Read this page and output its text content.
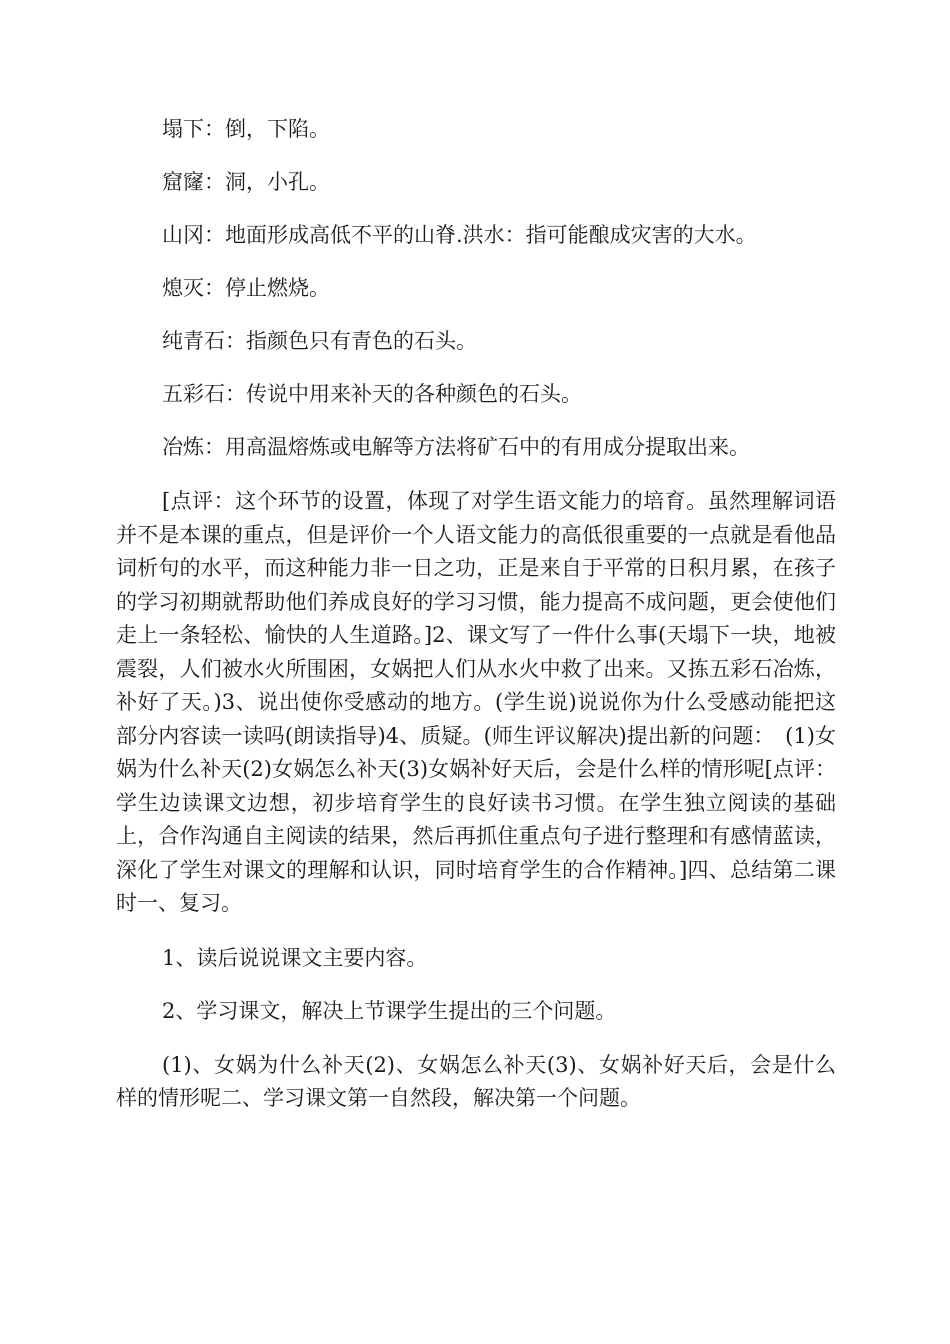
塌下：倒，下陷。

窟窿：洞，小孔。

山冈：地面形成高低不平的山脊.洪水：指可能酿成灾害的大水。

熄灭：停止燃烧。

纯青石：指颜色只有青色的石头。

五彩石：传说中用来补天的各种颜色的石头。

冶炼：用高温熔炼或电解等方法将矿石中的有用成分提取出来。

[点评：这个环节的设置，体现了对学生语文能力的培育。虽然理解词语并不是本课的重点，但是评价一个人语文能力的高低很重要的一点就是看他品词析句的水平，而这种能力非一日之功，正是来自于平常的日积月累，在孩子的学习初期就帮助他们养成良好的学习习惯，能力提高不成问题，更会使他们走上一条轻松、愉快的人生道路。]2、课文写了一件什么事(天塌下一块，地被震裂，人们被水火所围困，女娲把人们从水火中救了出来。又拣五彩石冶炼，补好了天。)3、说出使你受感动的地方。(学生说)说说你为什么受感动能把这部分内容读一读吗(朗读指导)4、质疑。(师生评议解决)提出新的问题：　(1)女娲为什么补天(2)女娲怎么补天(3)女娲补好天后，会是什么样的情形呢[点评：学生边读课文边想，初步培育学生的良好读书习惯。在学生独立阅读的基础上，合作沟通自主阅读的结果，然后再抓住重点句子进行整理和有感情蓝读，深化了学生对课文的理解和认识，同时培育学生的合作精神。]四、总结第二课时一、复习。

1、读后说说课文主要内容。

2、学习课文，解决上节课学生提出的三个问题。

(1)、女娲为什么补天(2)、女娲怎么补天(3)、女娲补好天后，会是什么样的情形呢二、学习课文第一自然段，解决第一个问题。
